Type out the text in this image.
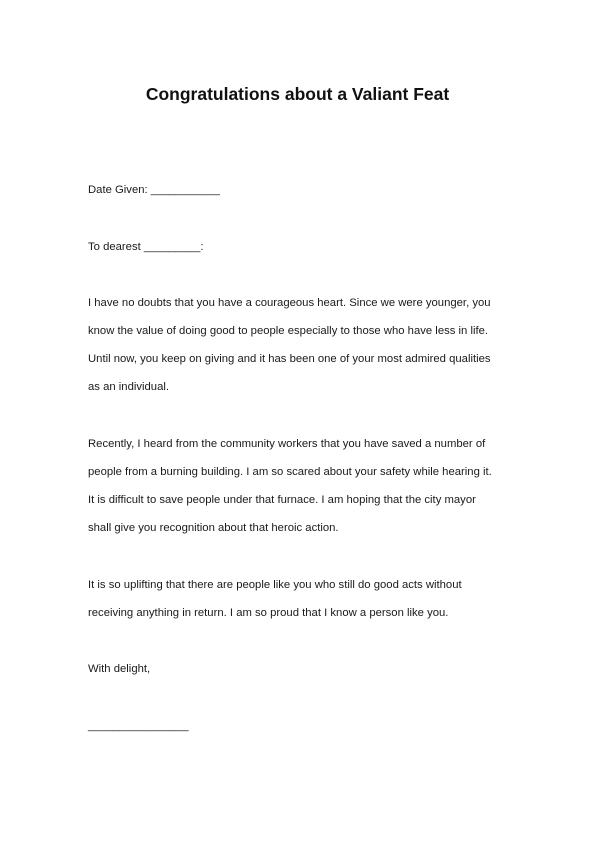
Congratulations about a Valiant Feat
Date Given: ___________
To dearest _________:
I have no doubts that you have a courageous heart. Since we were younger, you
know the value of doing good to people especially to those who have less in life.
Until now, you keep on giving and it has been one of your most admired qualities
as an individual.
Recently, I heard from the community workers that you have saved a number of
people from a burning building. I am so scared about your safety while hearing it.
It is difficult to save people under that furnace. I am hoping that the city mayor
shall give you recognition about that heroic action.
It is so uplifting that there are people like you who still do good acts without
receiving anything in return. I am so proud that I know a person like you.
With delight,
________________
